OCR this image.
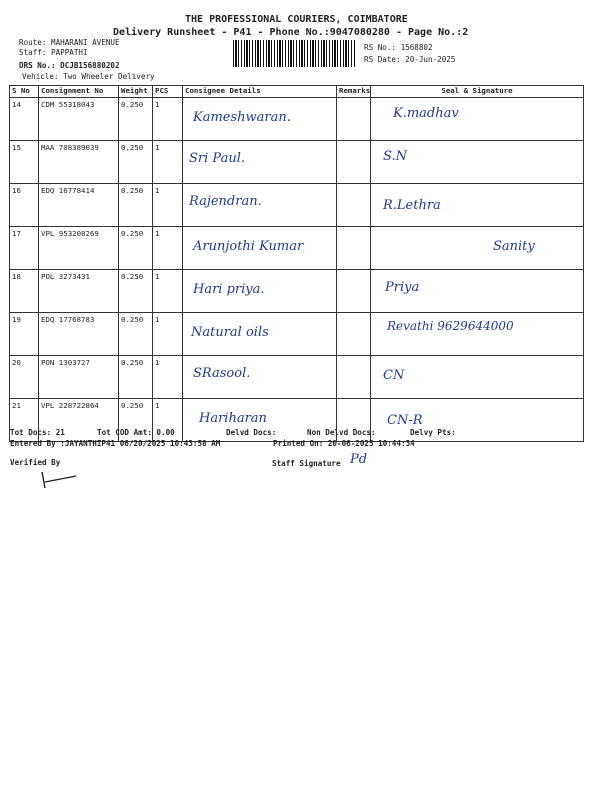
THE PROFESSIONAL COURIERS, COIMBATORE
Delivery Runsheet - P41 - Phone No.:9047080280 - Page No.:2
Route: MAHARANI AVENUE
Staff: PAPPATHI
DRS No.: DCJB156880202
Vehicle: Two Wheeler Delivery
RS No.: 1568802
RS Date: 20-Jun-2025
S No	Consignment No	Weight	PCS	Consignee Details	Remarks	Seal & Signature
14	CDM 55318043	0.250	1	Kameshwaran.		K.madhav
15	MAA 708389039	0.250	1	Sri Paul.		S.N
16	EDQ 16778414	0.250	1	Rajendran.		R.Lethra
17	VPL 953208269	0.250	1	Arunjothi Kumar		Sanity
18	POL 3273431	0.250	1	Hari priya.		Priya
19	EDQ 17768783	0.250	1	Natural oils		Revathi 9629644000
20	PON 1303727	0.250	1	SRasool.		CN
21	VPL 228722864	0.250	1	Hariharan		CN-R
Tot Docs: 21	Tot COD Amt: 0.00	Delvd Docs:	Non Delvd Docs:	Delvy Pts:
Entered By :JAYANTHIP41 06/20/2025 10:43:58 AM	Printed On: 20-06-2025 10:44:34
Verified By	Staff Signature Pd
